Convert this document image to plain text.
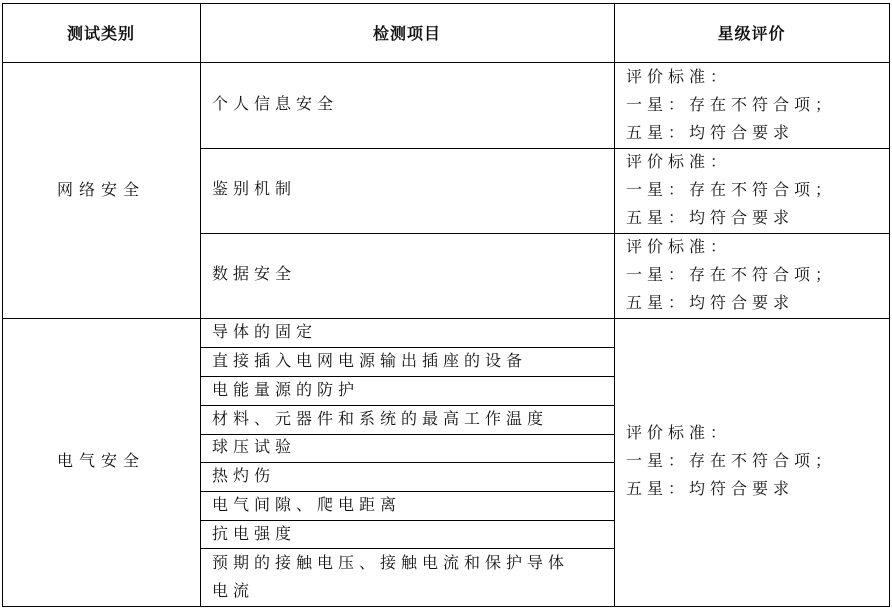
测试类别	检测项目	星级评价
网络安全
个人信息安全
评价标准：
一星：存在不符合项；
五星：均符合要求
鉴别机制
评价标准：
一星：存在不符合项；
五星：均符合要求
数据安全
评价标准：
一星：存在不符合项；
五星：均符合要求
电气安全
导体的固定
直接插入电网电源输出插座的设备
电能量源的防护
材料、元器件和系统的最高工作温度
球压试验
热灼伤
电气间隙、爬电距离
抗电强度
预期的接触电压、接触电流和保护导体
电流
评价标准：
一星：存在不符合项；
五星：均符合要求
